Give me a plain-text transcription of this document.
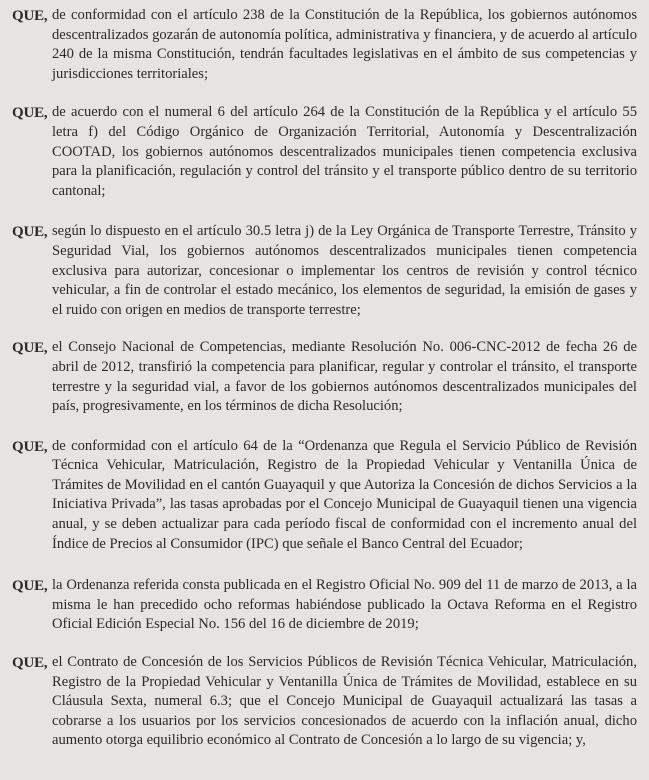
QUE, de conformidad con el artículo 238 de la Constitución de la República, los gobiernos autónomos descentralizados gozarán de autonomía política, administrativa y financiera, y de acuerdo al artículo 240 de la misma Constitución, tendrán facultades legislativas en el ámbito de sus competencias y jurisdicciones territoriales;

QUE, de acuerdo con el numeral 6 del artículo 264 de la Constitución de la República y el artículo 55 letra f) del Código Orgánico de Organización Territorial, Autonomía y Descentralización COOTAD, los gobiernos autónomos descentralizados municipales tienen competencia exclusiva para la planificación, regulación y control del tránsito y el transporte público dentro de su territorio cantonal;

QUE, según lo dispuesto en el artículo 30.5 letra j) de la Ley Orgánica de Transporte Terrestre, Tránsito y Seguridad Vial, los gobiernos autónomos descentralizados municipales tienen competencia exclusiva para autorizar, concesionar o implementar los centros de revisión y control técnico vehicular, a fin de controlar el estado mecánico, los elementos de seguridad, la emisión de gases y el ruido con origen en medios de transporte terrestre;

QUE, el Consejo Nacional de Competencias, mediante Resolución No. 006-CNC-2012 de fecha 26 de abril de 2012, transfirió la competencia para planificar, regular y controlar el tránsito, el transporte terrestre y la seguridad vial, a favor de los gobiernos autónomos descentralizados municipales del país, progresivamente, en los términos de dicha Resolución;

QUE, de conformidad con el artículo 64 de la “Ordenanza que Regula el Servicio Público de Revisión Técnica Vehicular, Matriculación, Registro de la Propiedad Vehicular y Ventanilla Única de Trámites de Movilidad en el cantón Guayaquil y que Autoriza la Concesión de dichos Servicios a la Iniciativa Privada”, las tasas aprobadas por el Concejo Municipal de Guayaquil tienen una vigencia anual, y se deben actualizar para cada período fiscal de conformidad con el incremento anual del Índice de Precios al Consumidor (IPC) que señale el Banco Central del Ecuador;

QUE, la Ordenanza referida consta publicada en el Registro Oficial No. 909 del 11 de marzo de 2013, a la misma le han precedido ocho reformas habiéndose publicado la Octava Reforma en el Registro Oficial Edición Especial No. 156 del 16 de diciembre de 2019;

QUE, el Contrato de Concesión de los Servicios Públicos de Revisión Técnica Vehicular, Matriculación, Registro de la Propiedad Vehicular y Ventanilla Única de Trámites de Movilidad, establece en su Cláusula Sexta, numeral 6.3; que el Concejo Municipal de Guayaquil actualizará las tasas a cobrarse a los usuarios por los servicios concesionados de acuerdo con la inflación anual, dicho aumento otorga equilibrio económico al Contrato de Concesión a lo largo de su vigencia; y,
